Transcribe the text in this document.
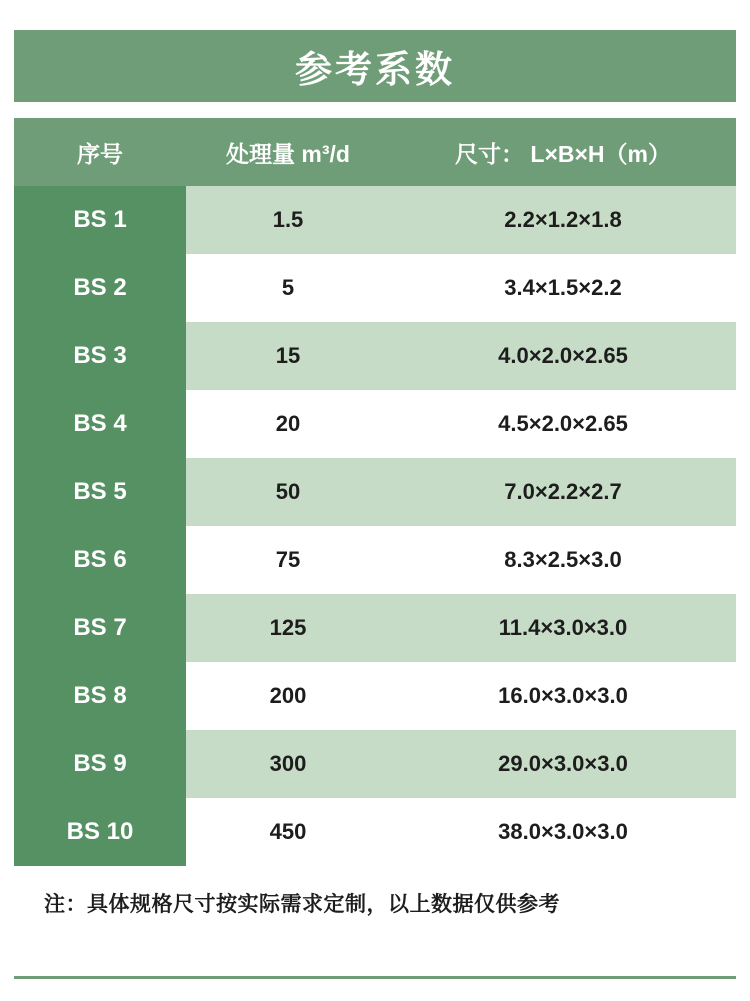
参考系数
序号	处理量 m³/d	尺寸： L×B×H（m）
BS 1	1.5	2.2×1.2×1.8
BS 2	5	3.4×1.5×2.2
BS 3	15	4.0×2.0×2.65
BS 4	20	4.5×2.0×2.65
BS 5	50	7.0×2.2×2.7
BS 6	75	8.3×2.5×3.0
BS 7	125	11.4×3.0×3.0
BS 8	200	16.0×3.0×3.0
BS 9	300	29.0×3.0×3.0
BS 10	450	38.0×3.0×3.0
注：具体规格尺寸按实际需求定制，以上数据仅供参考
